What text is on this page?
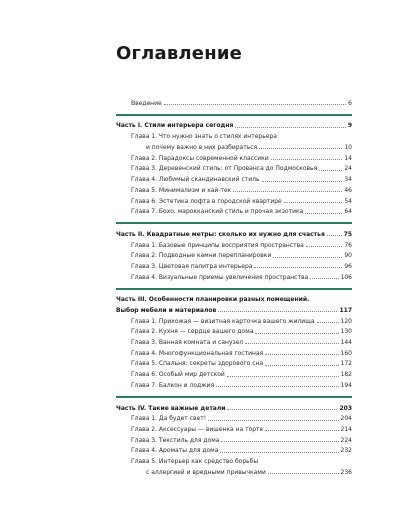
Оглавление
Введение	6
Часть I. Стили интерьера сегодня	9
Глава 1. Что нужно знать о стилях интерьера
и почему важно в них разбираться	10
Глава 2. Парадоксы современной классики	14
Глава 3. Деревенский стиль: от Прованса до Подмосковья	24
Глава 4. Любимый скандинавский стиль	34
Глава 5. Минимализм и хай-тек	46
Глава 6. Эстетика лофта в городской квартире	54
Глава 7. Бохо, марокканский стиль и прочая экзотика	64
Часть II. Квадратные метры: сколько их нужно для счастья	75
Глава 1. Базовые принципы восприятия пространства	76
Глава 2. Подводные камни перепланировки	90
Глава 3. Цветовая палитра интерьера	96
Глава 4. Визуальные приемы увеличения пространства	106
Часть III. Особенности планировки разных помещений.
Выбор мебели и материалов	117
Глава 1. Прихожая — визитная карточка вашего жилища	120
Глава 2. Кухня — сердце вашего дома	130
Глава 3. Ванная комната и санузел	144
Глава 4. Многофункциональная гостиная	160
Глава 5. Спальня: секреты здорового сна	172
Глава 6. Особый мир детской	182
Глава 7. Балкон и лоджия	194
Часть IV. Такие важные детали	203
Глава 1. Да будет свет!	204
Глава 2. Аксессуары — вишенка на торте	214
Глава 3. Текстиль для дома	224
Глава 4. Ароматы для дома	232
Глава 5. Интерьер как средство борьбы
с аллергией и вредными привычками	236
